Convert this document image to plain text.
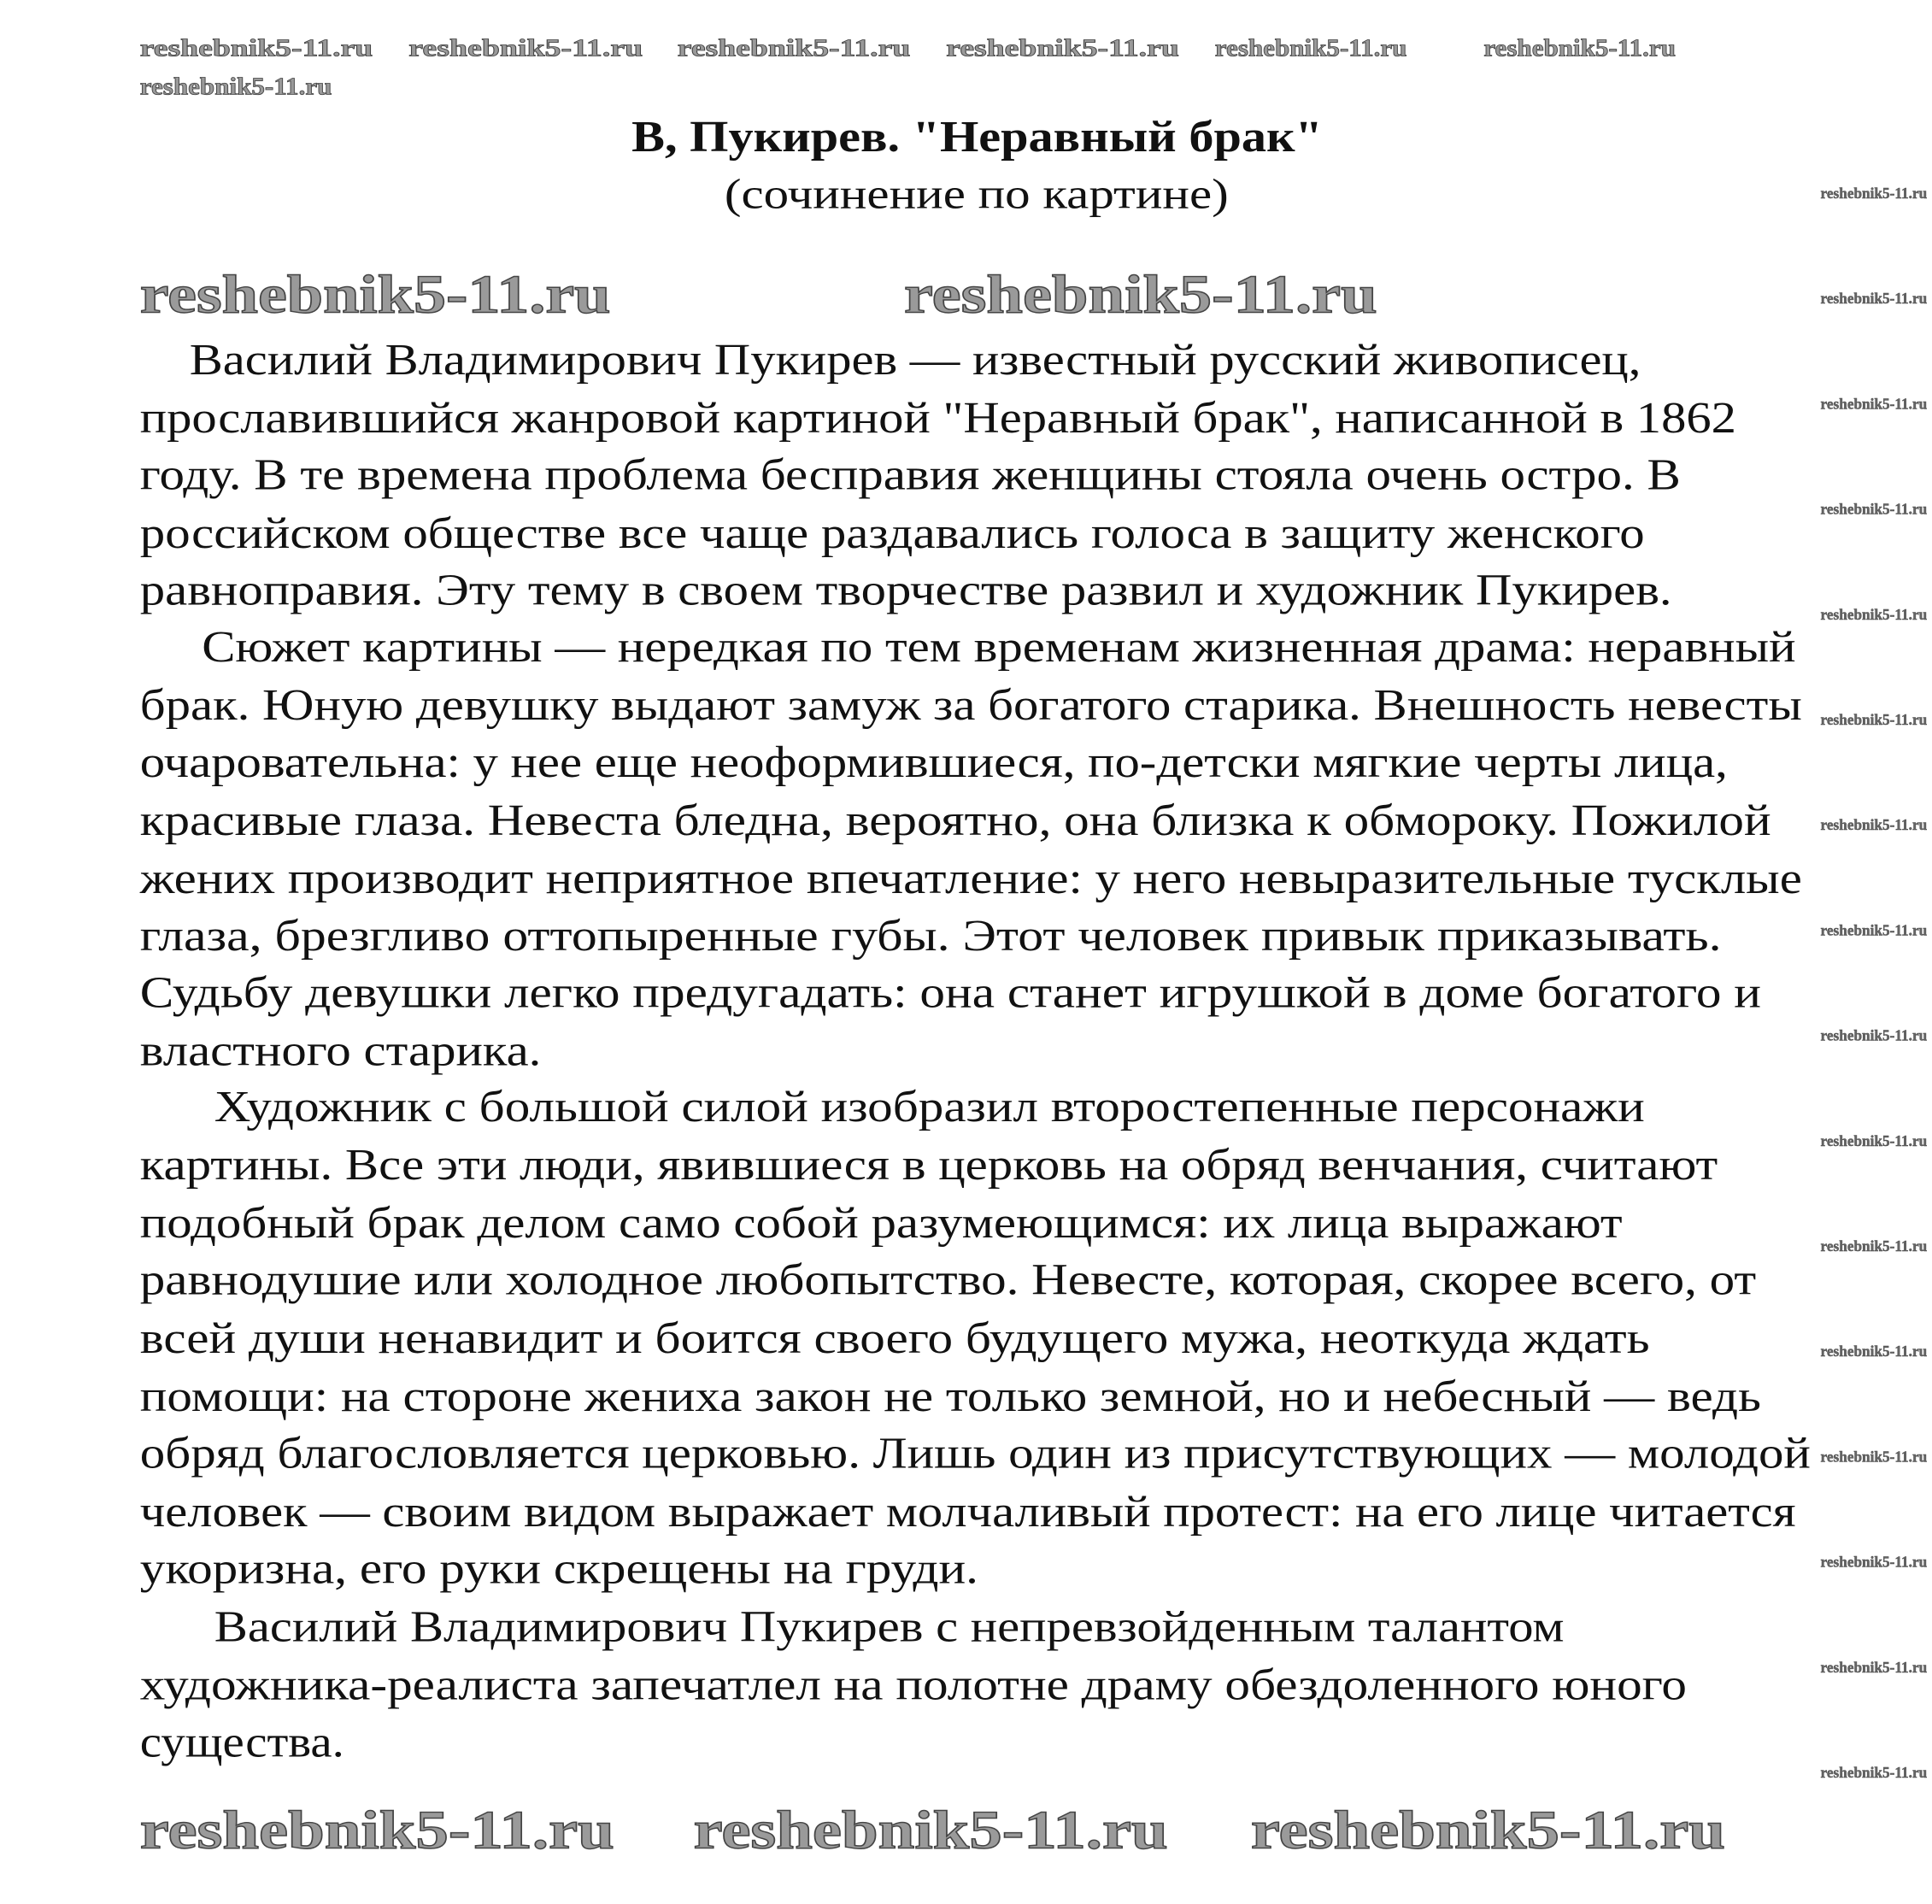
В, Пукирев. "Неравный брак"
(сочинение по картине)
Василий Владимирович Пукирев — известный русский живописец,
прославившийся жанровой картиной "Неравный брак", написанной в 1862
году. В те времена проблема бесправия женщины стояла очень остро. В
российском обществе все чаще раздавались голоса в защиту женского
равноправия. Эту тему в своем творчестве развил и художник Пукирев.
Сюжет картины — нередкая по тем временам жизненная драма: неравный
брак. Юную девушку выдают замуж за богатого старика. Внешность невесты
очаровательна: у нее еще неоформившиеся, по-детски мягкие черты лица,
красивые глаза. Невеста бледна, вероятно, она близка к обмороку. Пожилой
жених производит неприятное впечатление: у него невыразительные тусклые
глаза, брезгливо оттопыренные губы. Этот человек привык приказывать.
Судьбу девушки легко предугадать: она станет игрушкой в доме богатого и
властного старика.
Художник с большой силой изобразил второстепенные персонажи
картины. Все эти люди, явившиеся в церковь на обряд венчания, считают
подобный брак делом само собой разумеющимся: их лица выражают
равнодушие или холодное любопытство. Невесте, которая, скорее всего, от
всей души ненавидит и боится своего будущего мужа, неоткуда ждать
помощи: на стороне жениха закон не только земной, но и небесный — ведь
обряд благословляется церковью. Лишь один из присутствующих — молодой
человек — своим видом выражает молчаливый протест: на его лице читается
укоризна, его руки скрещены на груди.
Василий Владимирович Пукирев с непревзойденным талантом
художника-реалиста запечатлел на полотне драму обездоленного юного
существа.
reshebnik5-11.ru	reshebnik5-11.ru
reshebnik5-11.ru reshebnik5-11.ru reshebnik5-11.ru
reshebnik5-11.ru reshebnik5-11.ru reshebnik5-11.ru reshebnik5-11.ru reshebnik5-11.ru	reshebnik5-11.ru
reshebnik5-11.ru
reshebnik5-11.ru
reshebnik5-11.ru
reshebnik5-11.ru
reshebnik5-11.ru
reshebnik5-11.ru
reshebnik5-11.ru
reshebnik5-11.ru
reshebnik5-11.ru
reshebnik5-11.ru
reshebnik5-11.ru
reshebnik5-11.ru
reshebnik5-11.ru
reshebnik5-11.ru
reshebnik5-11.ru
reshebnik5-11.ru
reshebnik5-11.ru
